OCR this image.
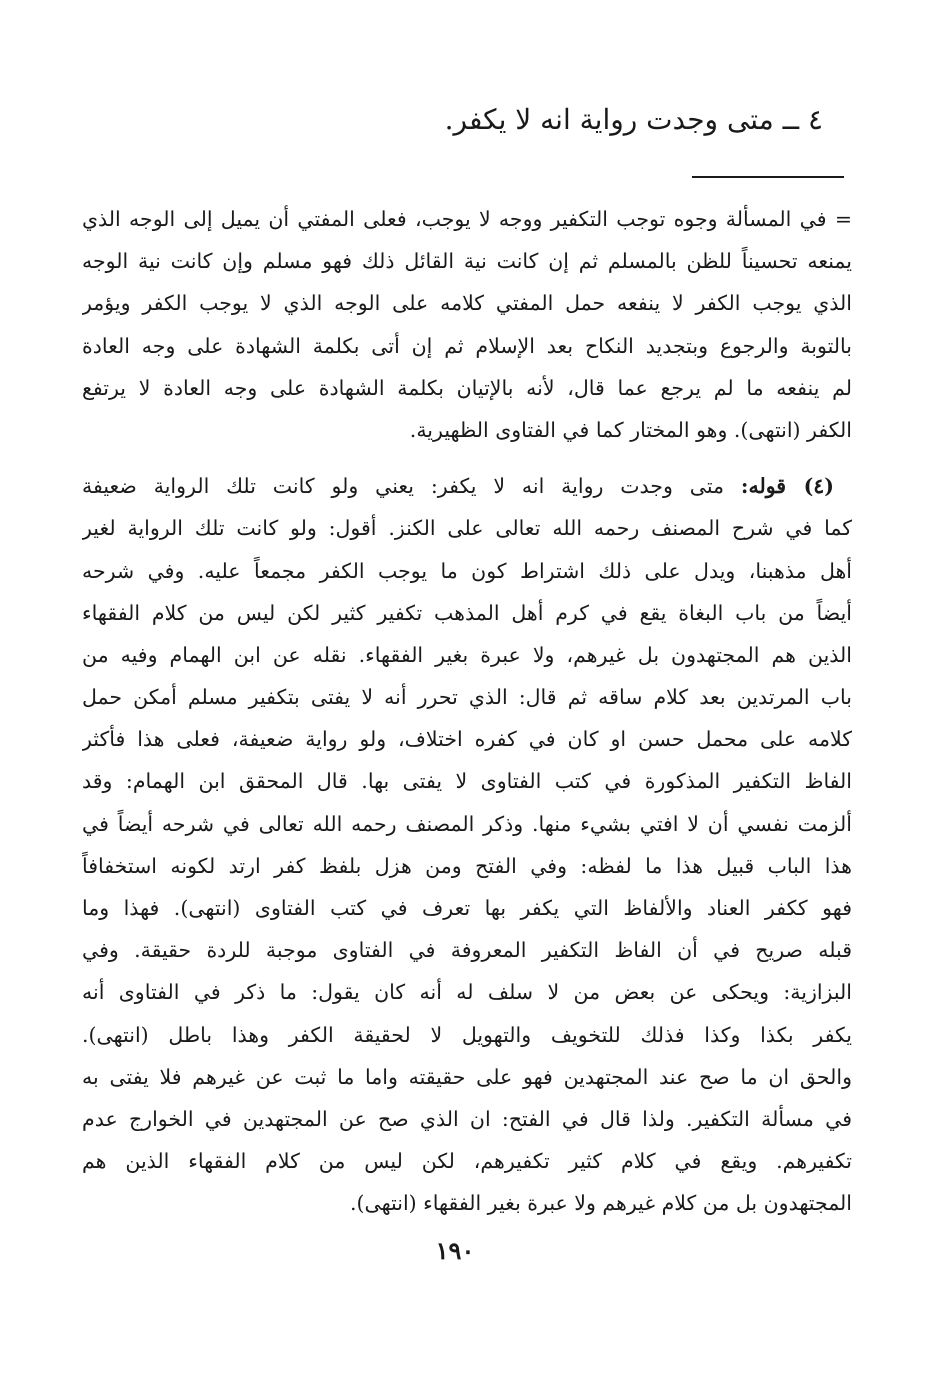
٤ ــ متى وجدت رواية انه لا يكفر.

= في المسألة وجوه توجب التكفير ووجه لا يوجب، فعلى المفتي أن يميل إلى الوجه الذي
يمنعه تحسيناً للظن بالمسلم ثم إن كانت نية القائل ذلك فهو مسلم وإن كانت نية الوجه
الذي يوجب الكفر لا ينفعه حمل المفتي كلامه على الوجه الذي لا يوجب الكفر ويؤمر
بالتوبة والرجوع وبتجديد النكاح بعد الإسلام ثم إن أتى بكلمة الشهادة على وجه العادة
لم ينفعه ما لم يرجع عما قال، لأنه بالإتيان بكلمة الشهادة على وجه العادة لا يرتفع
الكفر (انتهى). وهو المختار كما في الفتاوى الظهيرية.
(٤) قوله: متى وجدت رواية انه لا يكفر: يعني ولو كانت تلك الرواية ضعيفة
كما في شرح المصنف رحمه الله تعالى على الكنز. أقول: ولو كانت تلك الرواية لغير
أهل مذهبنا، ويدل على ذلك اشتراط كون ما يوجب الكفر مجمعاً عليه. وفي شرحه
أيضاً من باب البغاة يقع في كرم أهل المذهب تكفير كثير لكن ليس من كلام الفقهاء
الذين هم المجتهدون بل غيرهم، ولا عبرة بغير الفقهاء. نقله عن ابن الهمام وفيه من
باب المرتدين بعد كلام ساقه ثم قال: الذي تحرر أنه لا يفتى بتكفير مسلم أمكن حمل
كلامه على محمل حسن او كان في كفره اختلاف، ولو رواية ضعيفة، فعلى هذا فأكثر
الفاظ التكفير المذكورة في كتب الفتاوى لا يفتى بها. قال المحقق ابن الهمام: وقد
ألزمت نفسي أن لا افتي بشيء منها. وذكر المصنف رحمه الله تعالى في شرحه أيضاً في
هذا الباب قبيل هذا ما لفظه: وفي الفتح ومن هزل بلفظ كفر ارتد لكونه استخفافاً
فهو ككفر العناد والألفاظ التي يكفر بها تعرف في كتب الفتاوى (انتهى). فهذا وما
قبله صريح في أن الفاظ التكفير المعروفة في الفتاوى موجبة للردة حقيقة. وفي
البزازية: ويحكى عن بعض من لا سلف له أنه كان يقول: ما ذكر في الفتاوى أنه
يكفر بكذا وكذا فذلك للتخويف والتهويل لا لحقيقة الكفر وهذا باطل (انتهى).
والحق ان ما صح عند المجتهدين فهو على حقيقته واما ما ثبت عن غيرهم فلا يفتى به
في مسألة التكفير. ولذا قال في الفتح: ان الذي صح عن المجتهدين في الخوارج عدم
تكفيرهم. ويقع في كلام كثير تكفيرهم، لكن ليس من كلام الفقهاء الذين هم
المجتهدون بل من كلام غيرهم ولا عبرة بغير الفقهاء (انتهى).

١٩٠
